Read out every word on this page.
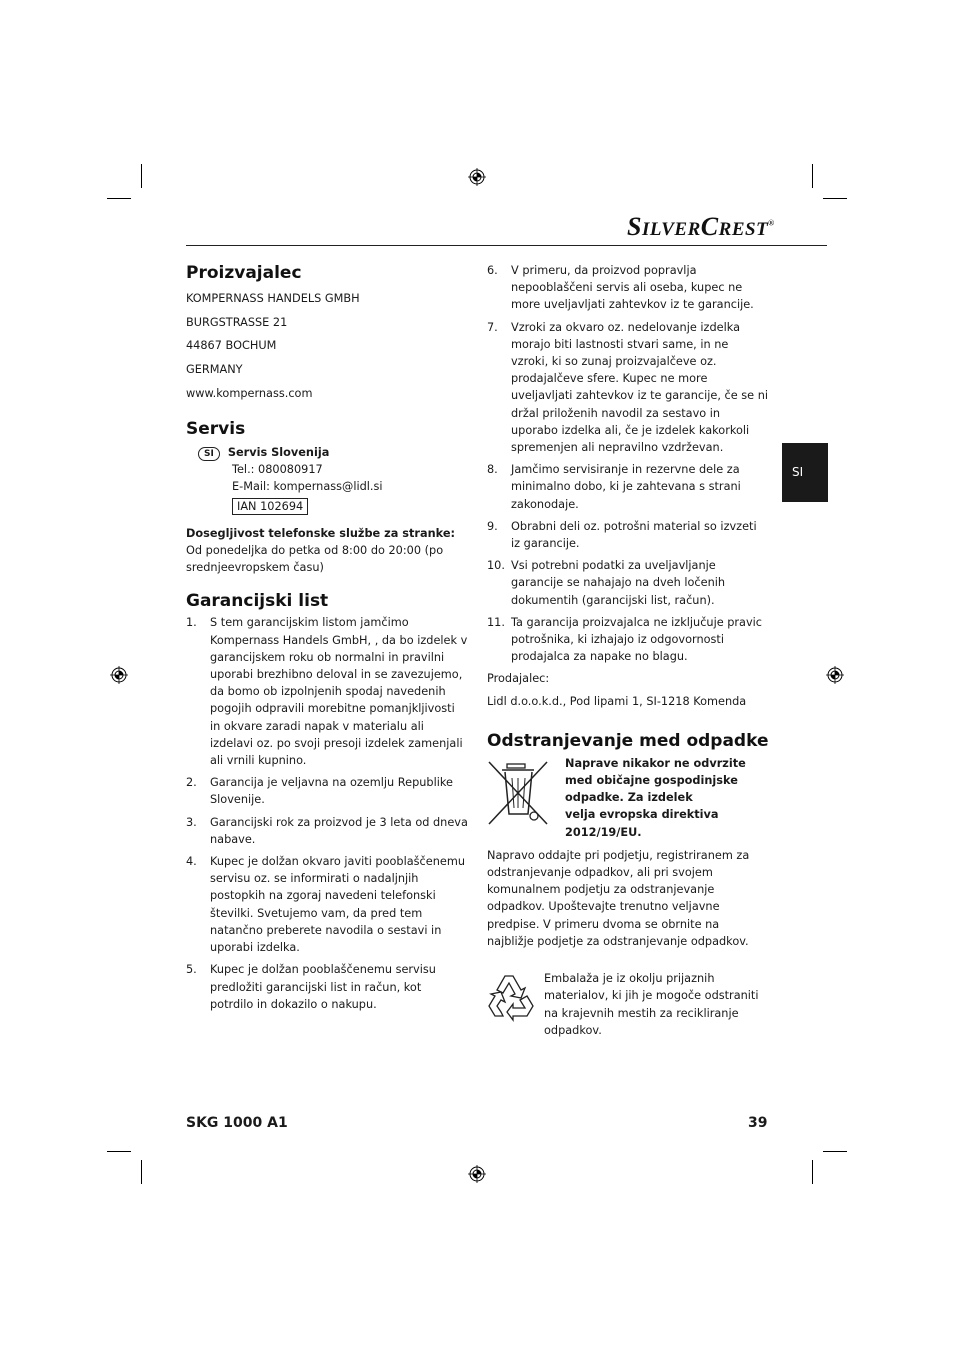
SILVERCREST®
SI
Proizvajalec
KOMPERNASS HANDELS GMBH
BURGSTRASSE 21
44867 BOCHUM
GERMANY
www.kompernass.com
Servis
SI Servis Slovenija
Tel.: 080080917
E-Mail: kompernass@lidl.si
IAN 102694
Dosegljivost telefonske službe za stranke:
Od ponedeljka do petka od 8:00 do 20:00 (po srednjeevropskem času)
Garancijski list
1. S tem garancijskim listom jamčimo Kompernass Handels GmbH, , da bo izdelek v garancijskem roku ob normalni in pravilni uporabi brezhibno deloval in se zavezujemo, da bomo ob izpolnjenih spodaj navedenih pogojih odpravili morebitne pomanjkljivosti in okvare zaradi napak v materialu ali izdelavi oz. po svoji presoji izdelek zamenjali ali vrnili kupnino.
2. Garancija je veljavna na ozemlju Republike Slovenije.
3. Garancijski rok za proizvod je 3 leta od dneva nabave.
4. Kupec je dolžan okvaro javiti pooblaščenemu servisu oz. se informirati o nadaljnjih postopkih na zgoraj navedeni telefonski številki. Svetujemo vam, da pred tem natančno preberete navodila o sestavi in uporabi izdelka.
5. Kupec je dolžan pooblaščenemu servisu predložiti garancijski list in račun, kot potrdilo in dokazilo o nakupu.
6. V primeru, da proizvod popravlja nepooblaščeni servis ali oseba, kupec ne more uveljavljati zahtevkov iz te garancije.
7. Vzroki za okvaro oz. nedelovanje izdelka morajo biti lastnosti stvari same, in ne vzroki, ki so zunaj proizvajalčeve oz. prodajalčeve sfere. Kupec ne more uveljavljati zahtevkov iz te garancije, če se ni držal priloženih navodil za sestavo in uporabo izdelka ali, če je izdelek kakorkoli spremenjen ali nepravilno vzdrževan.
8. Jamčimo servisiranje in rezervne dele za minimalno dobo, ki je zahtevana s strani zakonodaje.
9. Obrabni deli oz. potrošni material so izvzeti iz garancije.
10. Vsi potrebni podatki za uveljavljanje garancije se nahajajo na dveh ločenih dokumentih (garancijski list, račun).
11. Ta garancija proizvajalca ne izključuje pravic potrošnika, ki izhajajo iz odgovornosti prodajalca za napake no blagu.
Prodajalec:
Lidl d.o.o.k.d., Pod lipami 1, SI-1218 Komenda
Odstranjevanje med odpadke
Naprave nikakor ne odvrzite
med običajne gospodinjske
odpadke. Za izdelek
velja evropska direktiva
2012/19/EU.
Napravo oddajte pri podjetju, registriranem za odstranjevanje odpadkov, ali pri svojem komunalnem podjetju za odstranjevanje odpadkov. Upoštevajte trenutno veljavne predpise. V primeru dvoma se obrnite na najbližje podjetje za odstranjevanje odpadkov.
Embalaža je iz okolju prijaznih materialov, ki jih je mogoče odstraniti na krajevnih mestih za recikliranje odpadkov.
SKG 1000 A1	39
